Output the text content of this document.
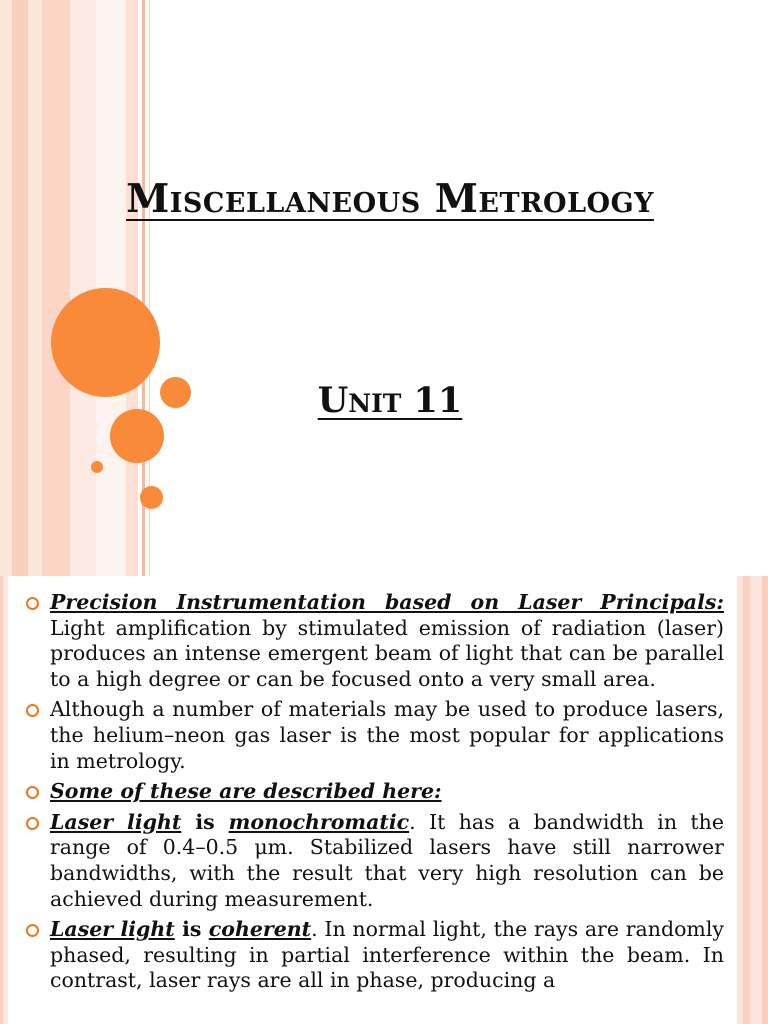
Miscellaneous Metrology
Unit 11
Precision Instrumentation based on Laser Principals: Light amplification by stimulated emission of radiation (laser) produces an intense emergent beam of light that can be parallel to a high degree or can be focused onto a very small area.
Although a number of materials may be used to produce lasers, the helium–neon gas laser is the most popular for applications in metrology.
Some of these are described here:
Laser light is monochromatic. It has a bandwidth in the range of 0.4–0.5 μm. Stabilized lasers have still narrower bandwidths, with the result that very high resolution can be achieved during measurement.
Laser light is coherent. In normal light, the rays are randomly phased, resulting in partial interference within the beam. In contrast, laser rays are all in phase, producing a
